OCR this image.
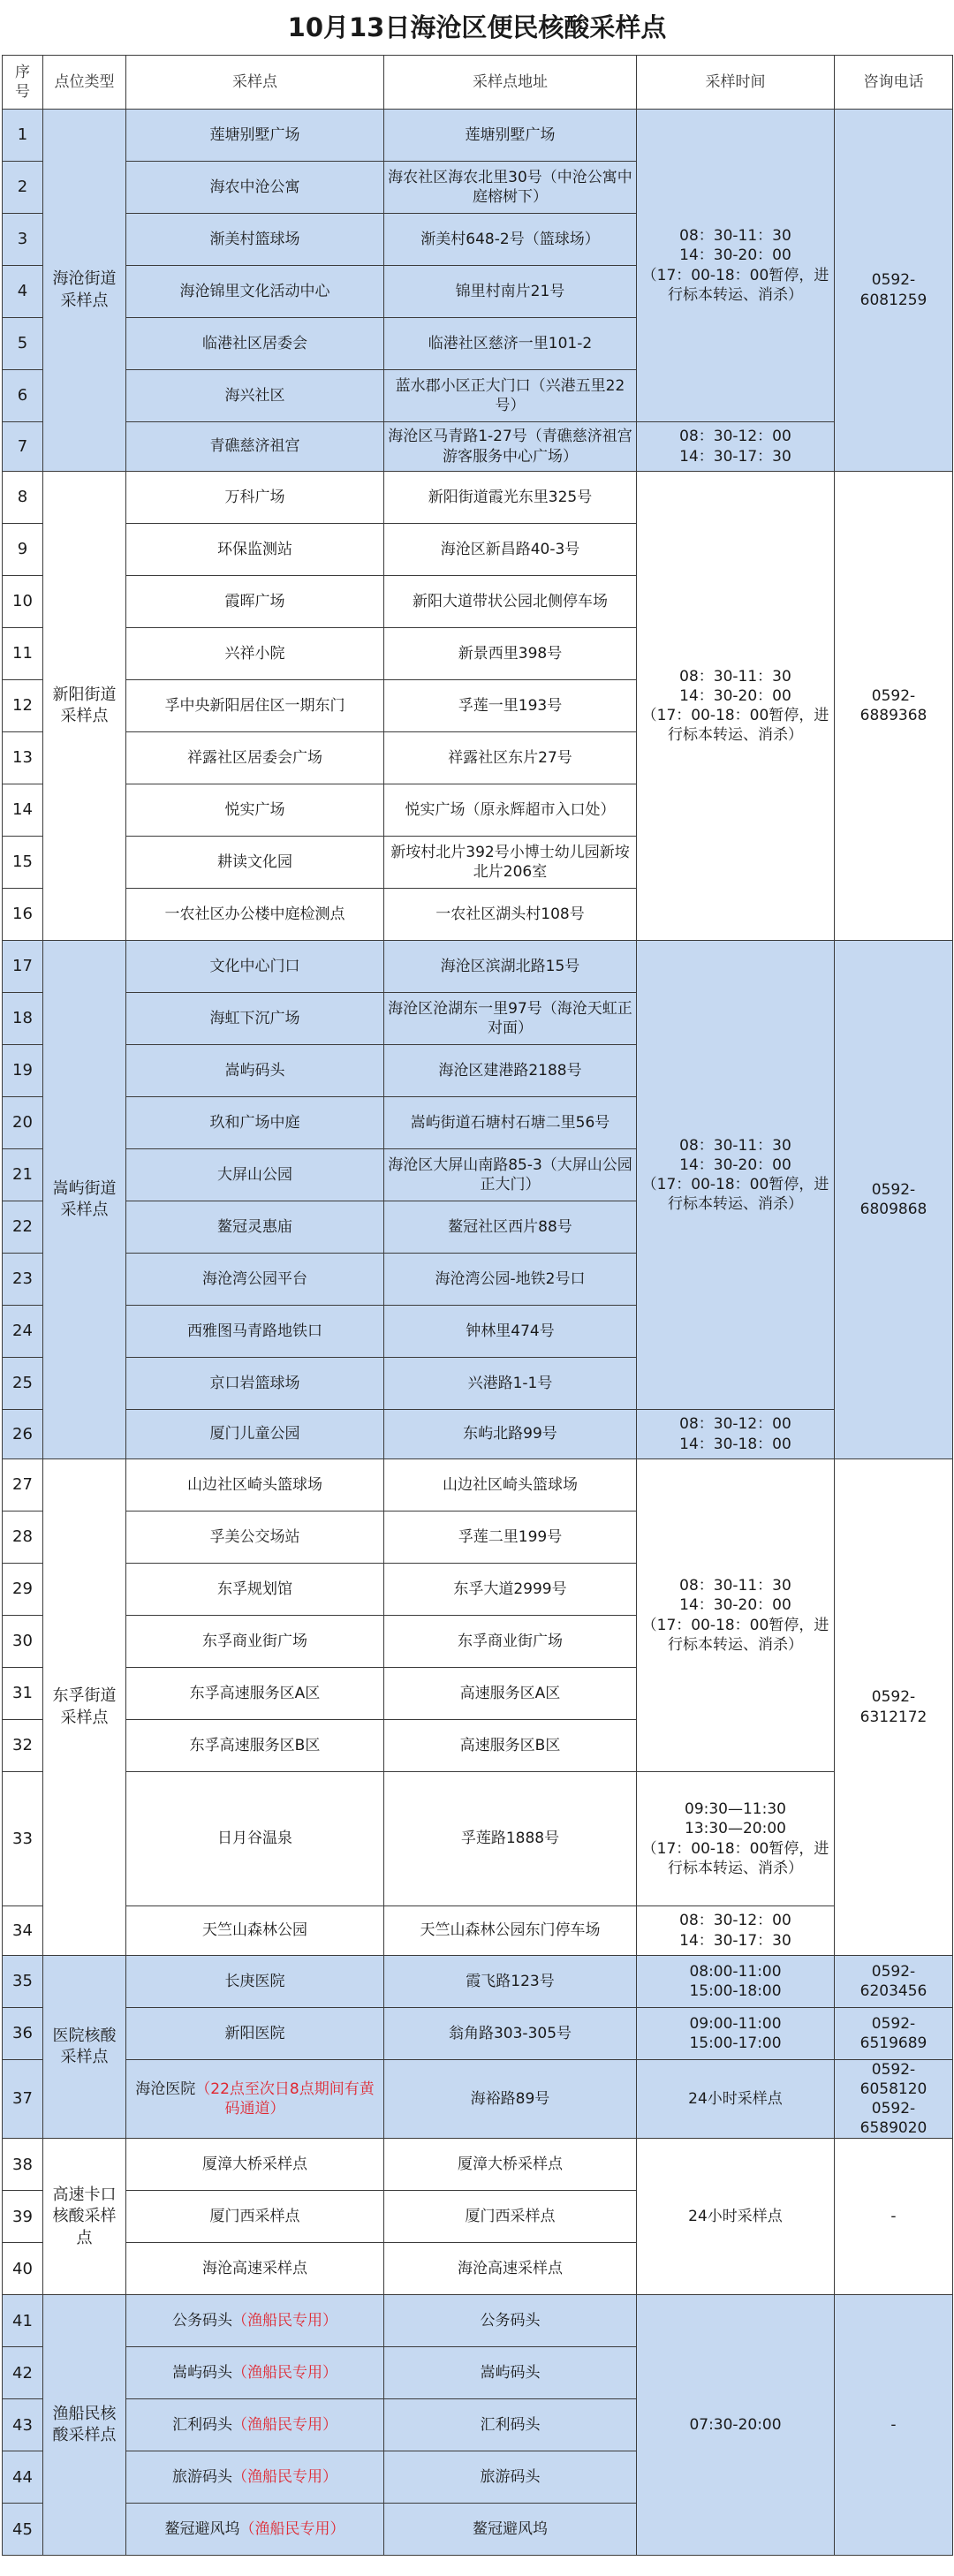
10月13日海沧区便民核酸采样点
序号	点位类型	采样点	采样点地址	采样时间	咨询电话
1	海沧街道采样点	莲塘别墅广场	莲塘别墅广场	08：30-11：30
14：30-20：00
（17：00-18：00暂停，进行标本转运、消杀）	0592-6081259
2		海农中沧公寓	海农社区海农北里30号（中沧公寓中庭榕树下）		
3		渐美村篮球场	渐美村648-2号（篮球场）		
4		海沧锦里文化活动中心	锦里村南片21号		
5		临港社区居委会	临港社区慈济一里101-2		
6		海兴社区	蓝水郡小区正大门口（兴港五里22号）		
7		青礁慈济祖宫	海沧区马青路1-27号（青礁慈济祖宫游客服务中心广场）	08：30-12：00
14：30-17：30	
8	新阳街道采样点	万科广场	新阳街道霞光东里325号	08：30-11：30
14：30-20：00
（17：00-18：00暂停，进行标本转运、消杀）	0592-6889368
9		环保监测站	海沧区新昌路40-3号		
10		霞晖广场	新阳大道带状公园北侧停车场		
11		兴祥小院	新景西里398号		
12		孚中央新阳居住区一期东门	孚莲一里193号		
13		祥露社区居委会广场	祥露社区东片27号		
14		悦实广场	悦实广场（原永辉超市入口处）		
15		耕读文化园	新垵村北片392号小博士幼儿园新垵北片206室		
16		一农社区办公楼中庭检测点	一农社区湖头村108号		
17	嵩屿街道采样点	文化中心门口	海沧区滨湖北路15号	08：30-11：30
14：30-20：00
（17：00-18：00暂停，进行标本转运、消杀）	0592-6809868
18		海虹下沉广场	海沧区沧湖东一里97号（海沧天虹正对面）		
19		嵩屿码头	海沧区建港路2188号		
20		玖和广场中庭	嵩屿街道石塘村石塘二里56号		
21		大屏山公园	海沧区大屏山南路85-3（大屏山公园正大门）		
22		鳌冠灵惠庙	鳌冠社区西片88号		
23		海沧湾公园平台	海沧湾公园-地铁2号口		
24		西雅图马青路地铁口	钟林里474号		
25		京口岩篮球场	兴港路1-1号		
26		厦门儿童公园	东屿北路99号	08：30-12：00
14：30-18：00	
27	东孚街道采样点	山边社区崎头篮球场	山边社区崎头篮球场	08：30-11：30
14：30-20：00
（17：00-18：00暂停，进行标本转运、消杀）	0592-6312172
28		孚美公交场站	孚莲二里199号		
29		东孚规划馆	东孚大道2999号		
30		东孚商业街广场	东孚商业街广场		
31		东孚高速服务区A区	高速服务区A区		
32		东孚高速服务区B区	高速服务区B区		
33		日月谷温泉	孚莲路1888号	09:30—11:30
13:30—20:00
（17：00-18：00暂停，进行标本转运、消杀）	
34		天竺山森林公园	天竺山森林公园东门停车场	08：30-12：00
14：30-17：30	
35	医院核酸采样点	长庚医院	霞飞路123号	08:00-11:00
15:00-18:00	0592-6203456
36		新阳医院	翁角路303-305号	09:00-11:00
15:00-17:00	0592-6519689
37		海沧医院（22点至次日8点期间有黄码通道）	海裕路89号	24小时采样点	0592-6058120
0592-6589020
38	高速卡口核酸采样点	厦漳大桥采样点	厦漳大桥采样点	24小时采样点	-
39		厦门西采样点	厦门西采样点		
40		海沧高速采样点	海沧高速采样点		
41	渔船民核酸采样点	公务码头（渔船民专用）	公务码头	07:30-20:00	-
42		嵩屿码头（渔船民专用）	嵩屿码头		
43		汇利码头（渔船民专用）	汇利码头		
44		旅游码头（渔船民专用）	旅游码头		
45		鳌冠避风坞（渔船民专用）	鳌冠避风坞		
